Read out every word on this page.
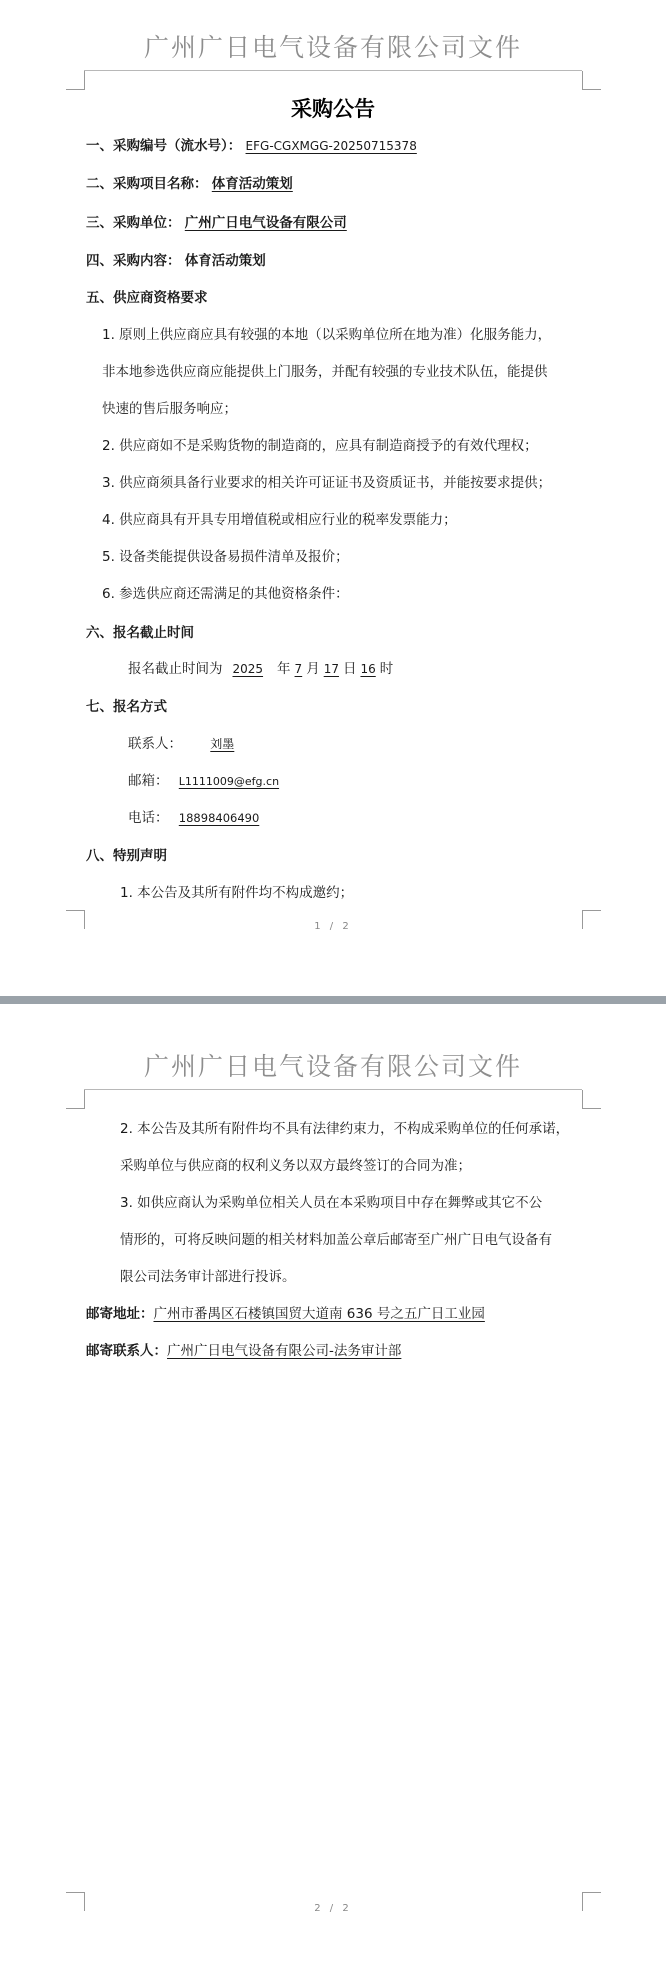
广州广日电气设备有限公司文件
采购公告
一、采购编号（流水号）： EFG-CGXMGG-20250715378
二、采购项目名称： 体育活动策划
三、采购单位： 广州广日电气设备有限公司
四、采购内容： 体育活动策划
五、供应商资格要求
1. 原则上供应商应具有较强的本地（以采购单位所在地为准）化服务能力，
非本地参选供应商应能提供上门服务，并配有较强的专业技术队伍，能提供
快速的售后服务响应；
2. 供应商如不是采购货物的制造商的，应具有制造商授予的有效代理权；
3. 供应商须具备行业要求的相关许可证证书及资质证书，并能按要求提供；
4. 供应商具有开具专用增值税或相应行业的税率发票能力；
5. 设备类能提供设备易损件清单及报价；
6. 参选供应商还需满足的其他资格条件：
六、报名截止时间
报名截止时间为 2025 年 7 月 17 日 16 时
七、报名方式
联系人： 刘墨
邮箱： L1111009@efg.cn
电话： 18898406490
八、特别声明
1. 本公告及其所有附件均不构成邀约；
1 / 2
广州广日电气设备有限公司文件
2. 本公告及其所有附件均不具有法律约束力，不构成采购单位的任何承诺，
采购单位与供应商的权利义务以双方最终签订的合同为准；
3. 如供应商认为采购单位相关人员在本采购项目中存在舞弊或其它不公
情形的，可将反映问题的相关材料加盖公章后邮寄至广州广日电气设备有
限公司法务审计部进行投诉。
邮寄地址：广州市番禺区石楼镇国贸大道南 636 号之五广日工业园
邮寄联系人：广州广日电气设备有限公司-法务审计部
2 / 2
